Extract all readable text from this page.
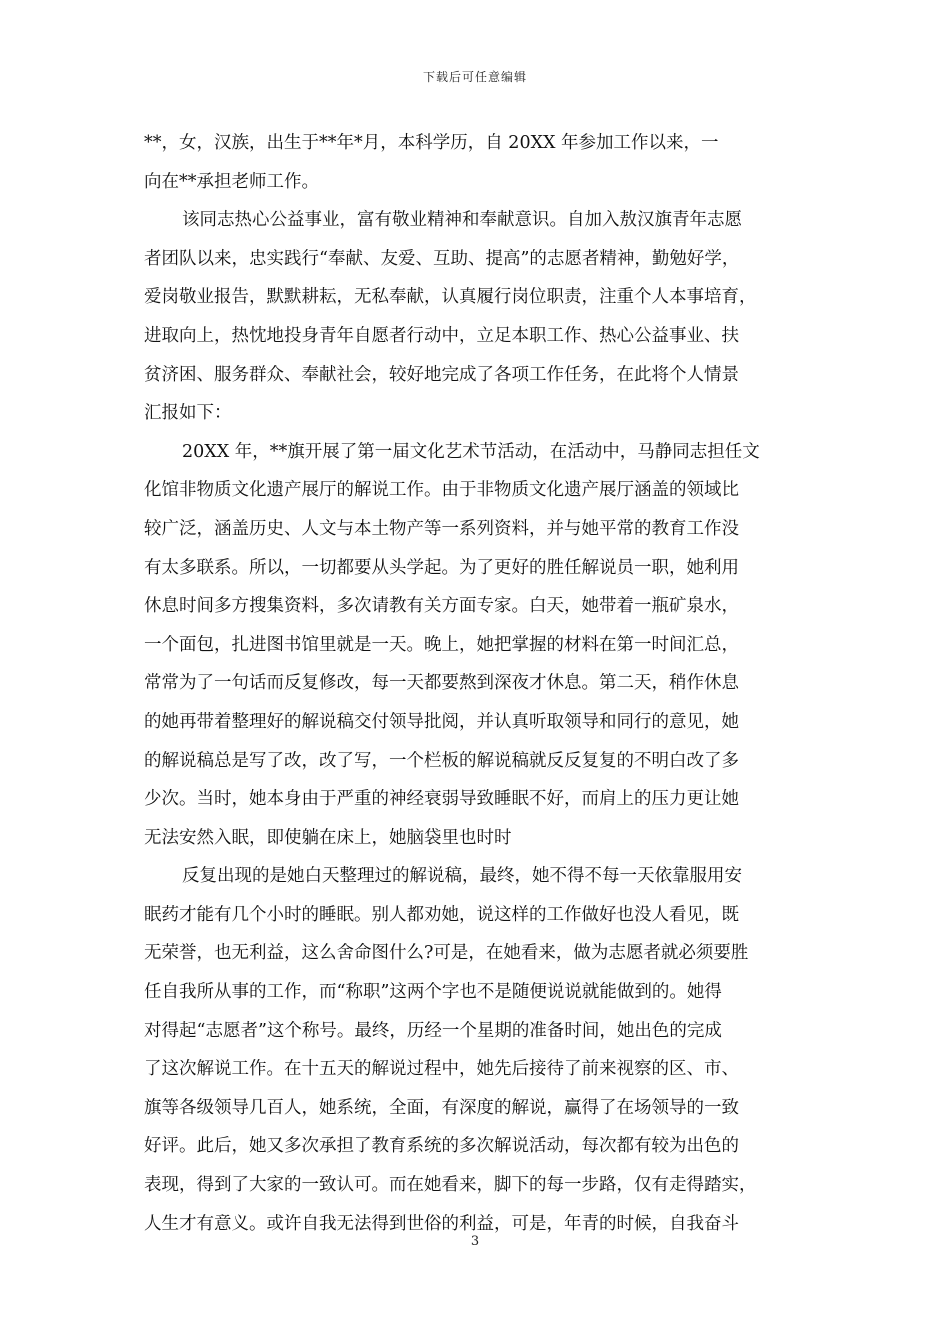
下载后可任意编辑
**，女，汉族，出生于**年*月，本科学历，自 20XX 年参加工作以来，一
向在**承担老师工作。
该同志热心公益事业，富有敬业精神和奉献意识。自加入敖汉旗青年志愿
者团队以来，忠实践行“奉献、友爱、互助、提高”的志愿者精神，勤勉好学，
爱岗敬业报告，默默耕耘，无私奉献，认真履行岗位职责，注重个人本事培育，
进取向上，热忱地投身青年自愿者行动中，立足本职工作、热心公益事业、扶
贫济困、服务群众、奉献社会，较好地完成了各项工作任务，在此将个人情景
汇报如下：
20XX 年，**旗开展了第一届文化艺术节活动，在活动中，马静同志担任文
化馆非物质文化遗产展厅的解说工作。由于非物质文化遗产展厅涵盖的领域比
较广泛，涵盖历史、人文与本土物产等一系列资料，并与她平常的教育工作没
有太多联系。所以，一切都要从头学起。为了更好的胜任解说员一职，她利用
休息时间多方搜集资料，多次请教有关方面专家。白天，她带着一瓶矿泉水，
一个面包，扎进图书馆里就是一天。晚上，她把掌握的材料在第一时间汇总，
常常为了一句话而反复修改，每一天都要熬到深夜才休息。第二天，稍作休息
的她再带着整理好的解说稿交付领导批阅，并认真听取领导和同行的意见，她
的解说稿总是写了改，改了写，一个栏板的解说稿就反反复复的不明白改了多
少次。当时，她本身由于严重的神经衰弱导致睡眠不好，而肩上的压力更让她
无法安然入眠，即使躺在床上，她脑袋里也时时
反复出现的是她白天整理过的解说稿，最终，她不得不每一天依靠服用安
眠药才能有几个小时的睡眠。别人都劝她，说这样的工作做好也没人看见，既
无荣誉，也无利益，这么舍命图什么?可是，在她看来，做为志愿者就必须要胜
任自我所从事的工作，而“称职”这两个字也不是随便说说就能做到的。她得
对得起“志愿者”这个称号。最终，历经一个星期的准备时间，她出色的完成
了这次解说工作。在十五天的解说过程中，她先后接待了前来视察的区、市、
旗等各级领导几百人，她系统，全面，有深度的解说，赢得了在场领导的一致
好评。此后，她又多次承担了教育系统的多次解说活动，每次都有较为出色的
表现，得到了大家的一致认可。而在她看来，脚下的每一步路，仅有走得踏实，
人生才有意义。或许自我无法得到世俗的利益，可是，年青的时候，自我奋斗
3
